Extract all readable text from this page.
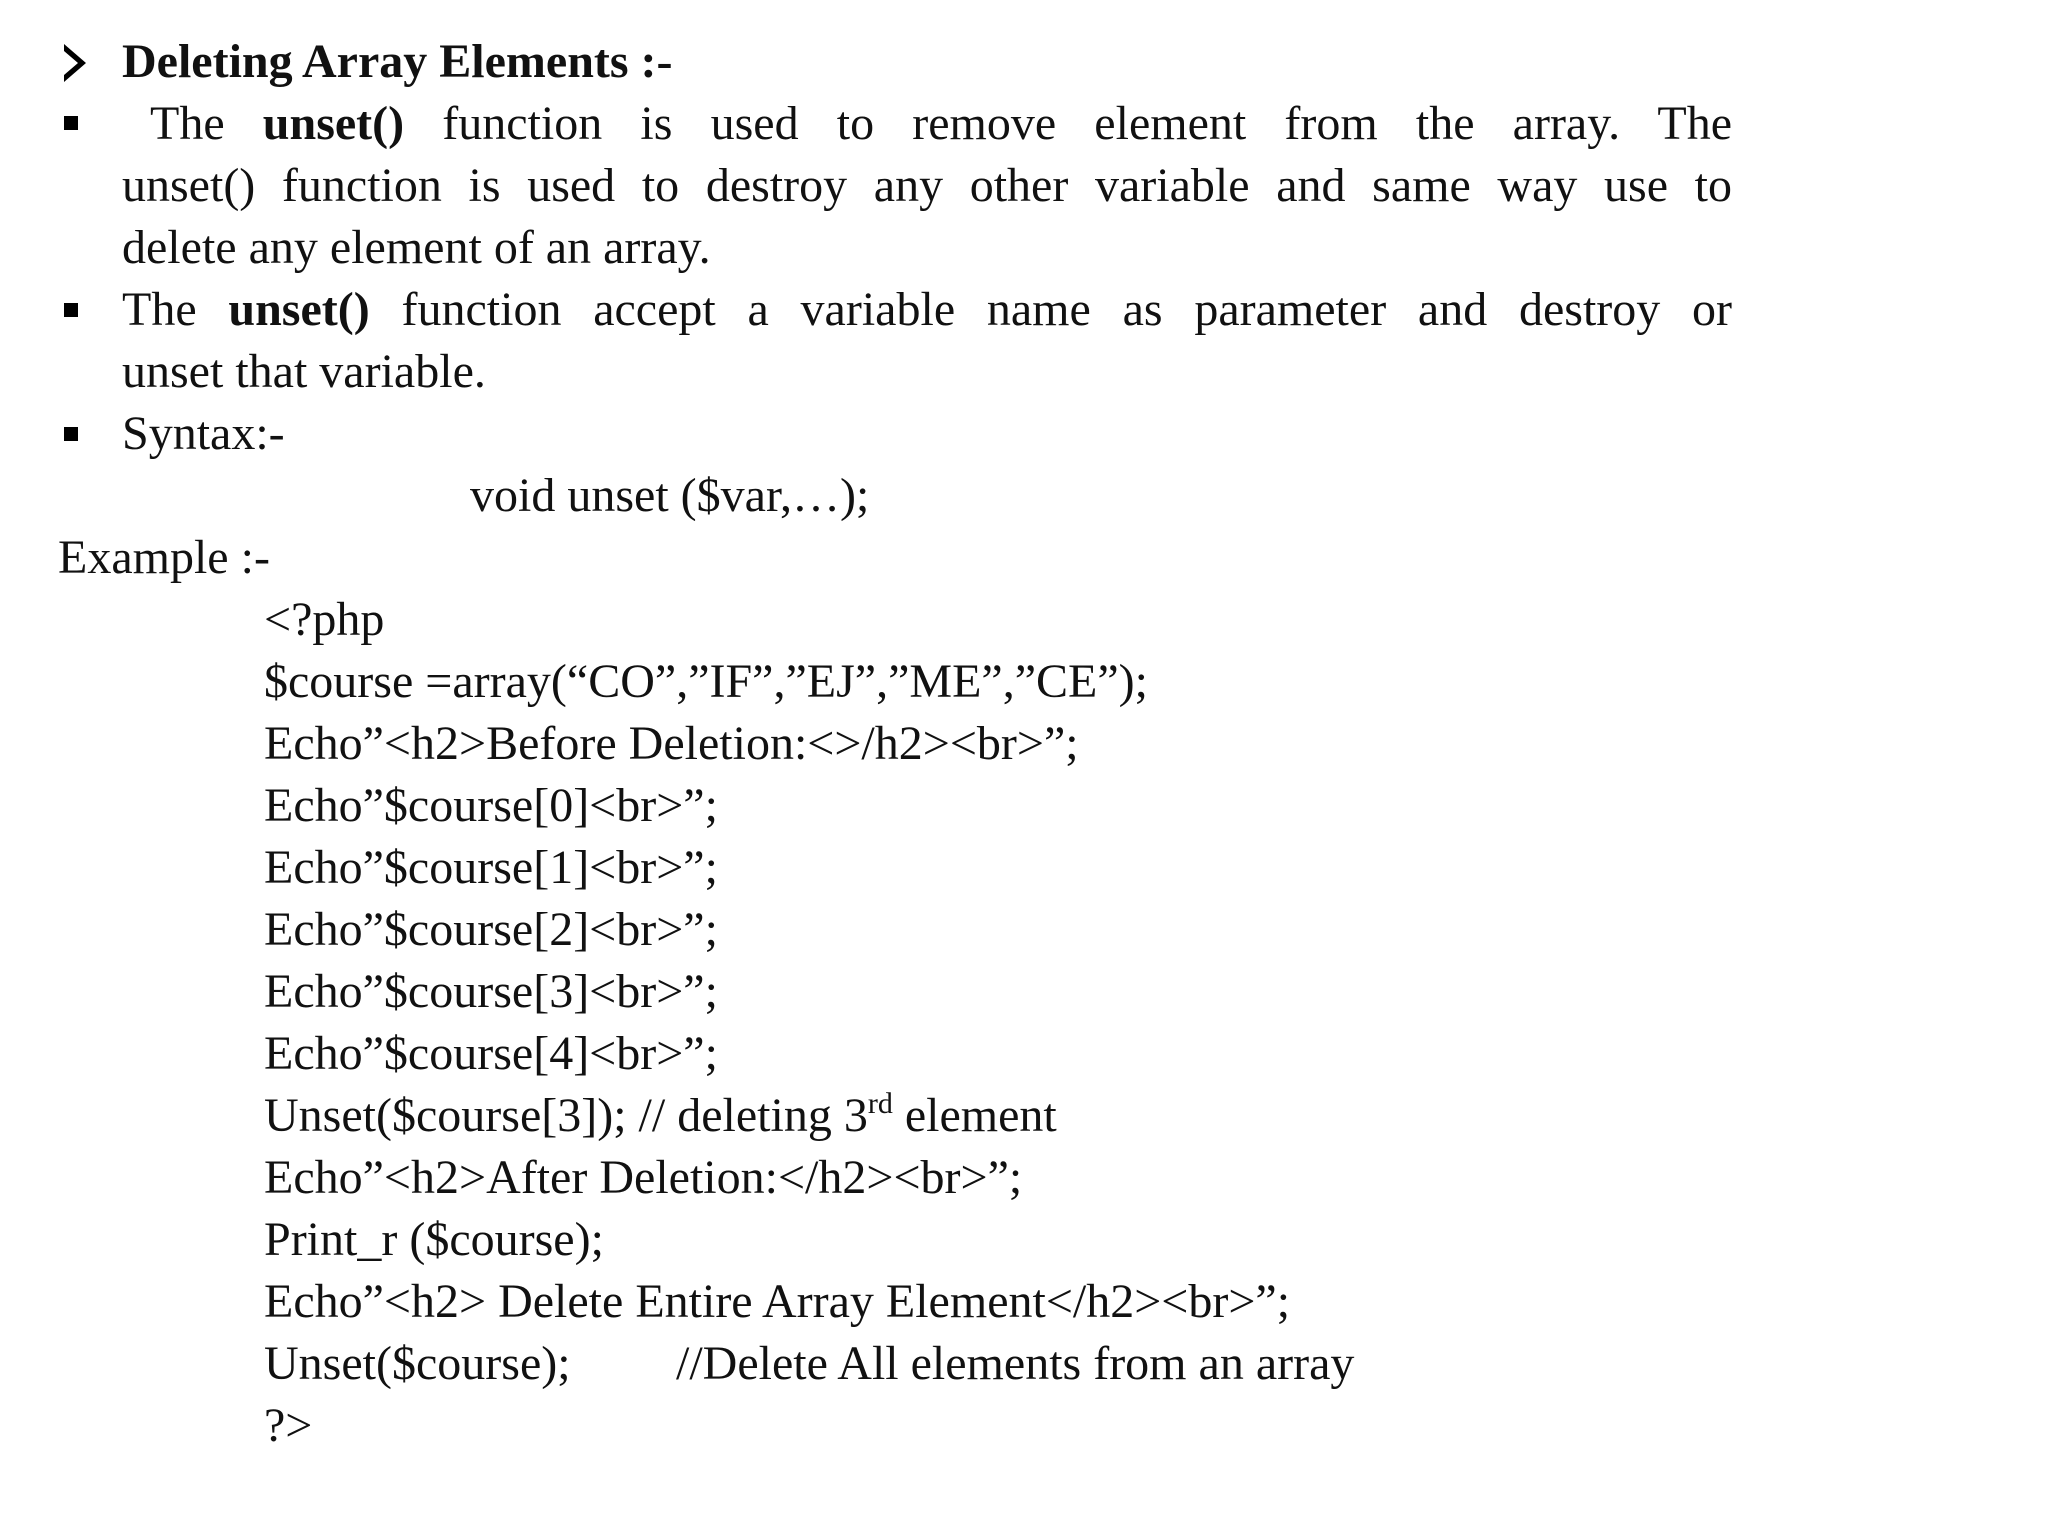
Deleting Array Elements :-
The unset() function is used to remove element from the array. The
unset() function is used to destroy any other variable and same way use to
delete any element of an array.
The unset() function accept a variable name as parameter and destroy or
unset that variable.
Syntax:-
void unset ($var,…);
Example :-
<?php
$course =array(“CO”,”IF”,”EJ”,”ME”,”CE”);
Echo”<h2>Before Deletion:<>/h2><br>”;
Echo”$course[0]<br>”;
Echo”$course[1]<br>”;
Echo”$course[2]<br>”;
Echo”$course[3]<br>”;
Echo”$course[4]<br>”;
Unset($course[3]); // deleting 3rd element
Echo”<h2>After Deletion:</h2><br>”;
Print_r ($course);
Echo”<h2> Delete Entire Array Element</h2><br>”;
Unset($course); //Delete All elements from an array
?>
